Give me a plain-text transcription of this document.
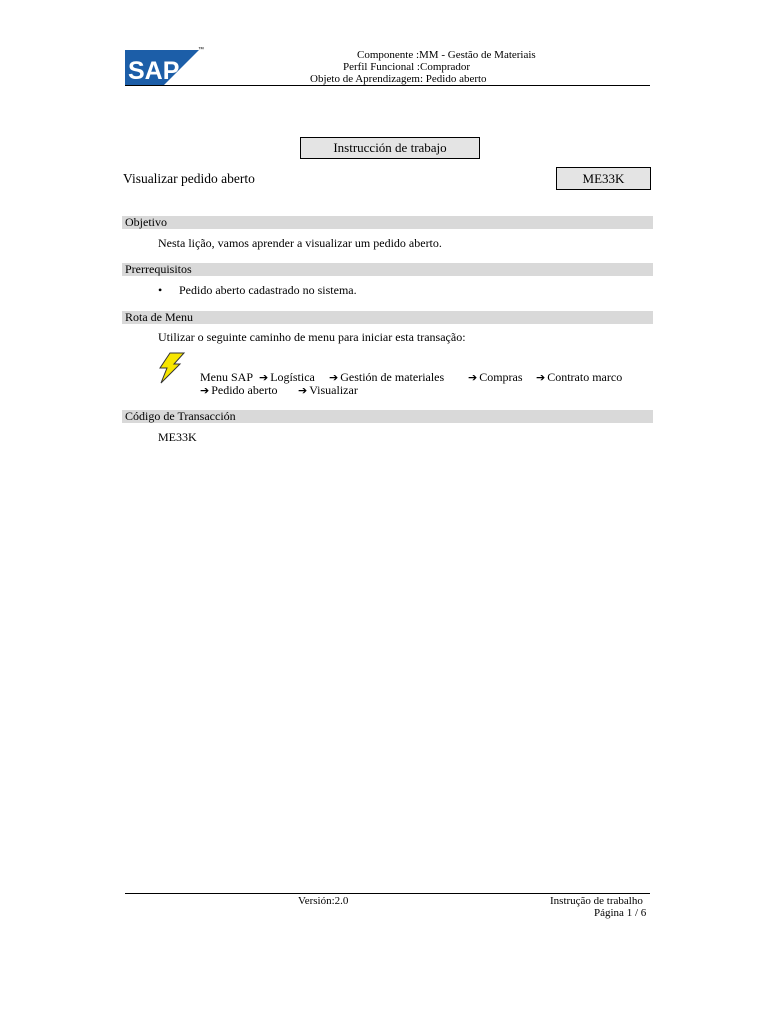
SAP
™	Componente :MM - Gestão de Materiais
Perfil Funcional :Comprador
Objeto de Aprendizagem: Pedido aberto
Instrucción de trabajo
Visualizar pedido aberto	ME33K
Objetivo
Nesta lição, vamos aprender a visualizar um pedido aberto.
Prerrequisitos
• Pedido aberto cadastrado no sistema.
Rota de Menu
Utilizar o seguinte caminho de menu para iniciar esta transação:
Menu SAP ➔ Logística ➔ Gestión de materiales ➔ Compras ➔ Contrato marco
➔ Pedido aberto ➔ Visualizar
Código de Transacción
ME33K
Versión:2.0	Instrução de trabalho
Página 1 / 6
